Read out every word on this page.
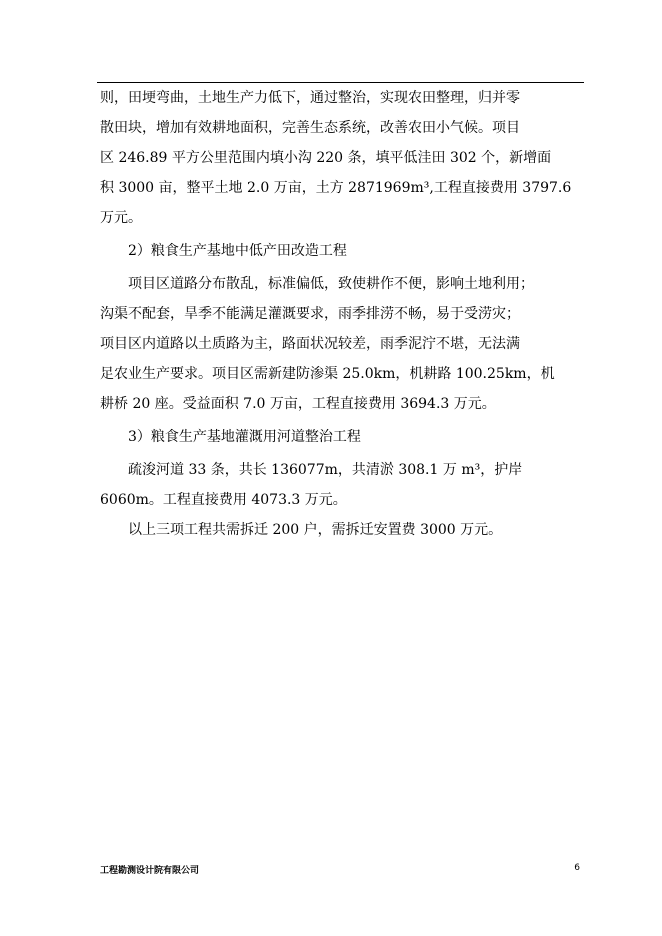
则，田埂弯曲，土地生产力低下，通过整治，实现农田整理，归并零
散田块，增加有效耕地面积，完善生态系统，改善农田小气候。项目
区 246.89 平方公里范围内填小沟 220 条，填平低洼田 302 个，新增面
积 3000 亩，整平土地 2.0 万亩，土方 2871969m³,工程直接费用 3797.6
万元。
2）粮食生产基地中低产田改造工程
项目区道路分布散乱，标准偏低，致使耕作不便，影响土地利用；
沟渠不配套，旱季不能满足灌溉要求，雨季排涝不畅，易于受涝灾；
项目区内道路以土质路为主，路面状况较差，雨季泥泞不堪，无法满
足农业生产要求。项目区需新建防渗渠 25.0km，机耕路 100.25km，机
耕桥 20 座。受益面积 7.0 万亩，工程直接费用 3694.3 万元。
3）粮食生产基地灌溉用河道整治工程
疏浚河道 33 条，共长 136077m，共清淤 308.1 万 m³，护岸
6060m。工程直接费用 4073.3 万元。
以上三项工程共需拆迁 200 户，需拆迁安置费 3000 万元。
工程勘测设计院有限公司	6
